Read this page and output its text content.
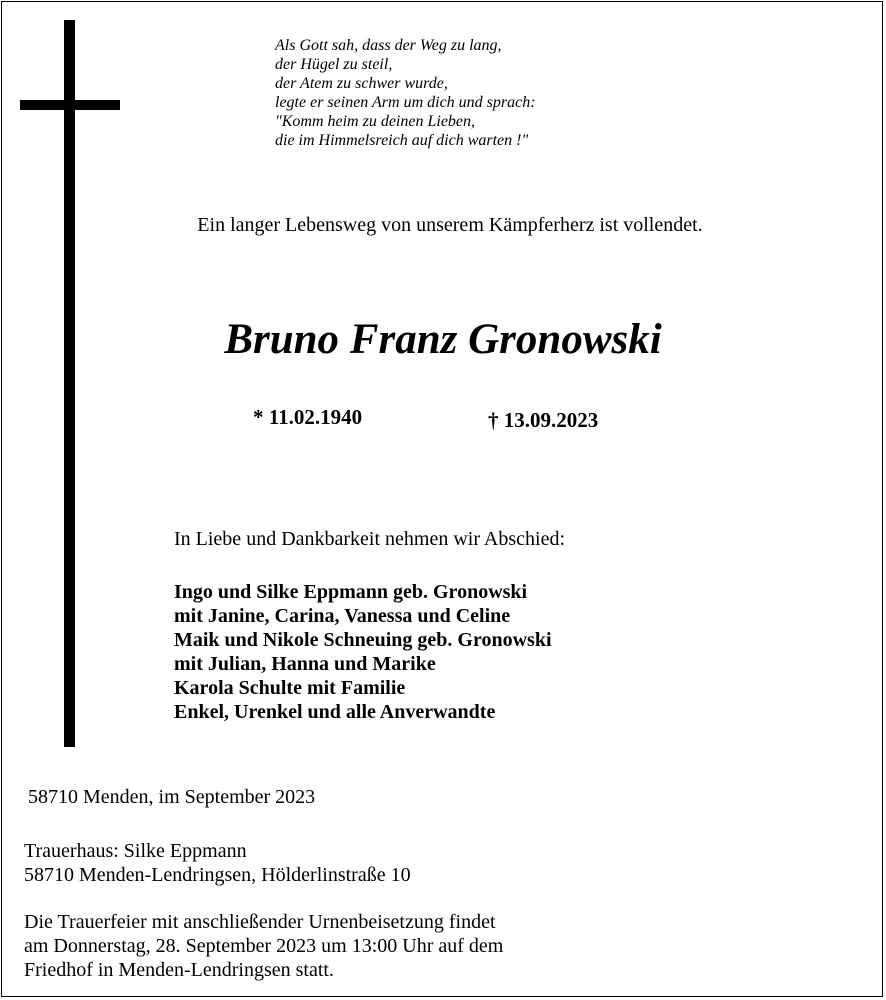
Als Gott sah, dass der Weg zu lang,
der Hügel zu steil,
der Atem zu schwer wurde,
legte er seinen Arm um dich und sprach:
"Komm heim zu deinen Lieben,
die im Himmelsreich auf dich warten !"
Ein langer Lebensweg von unserem Kämpferherz ist vollendet.
Bruno Franz Gronowski
* 11.02.1940	† 13.09.2023
In Liebe und Dankbarkeit nehmen wir Abschied:
Ingo und Silke Eppmann geb. Gronowski
mit Janine, Carina, Vanessa und Celine
Maik und Nikole Schneuing geb. Gronowski
mit Julian, Hanna und Marike
Karola Schulte mit Familie
Enkel, Urenkel und alle Anverwandte
58710 Menden, im September 2023
Trauerhaus: Silke Eppmann
58710 Menden-Lendringsen, Hölderlinstraße 10
Die Trauerfeier mit anschließender Urnenbeisetzung findet
am Donnerstag, 28. September 2023 um 13:00 Uhr auf dem
Friedhof in Menden-Lendringsen statt.
